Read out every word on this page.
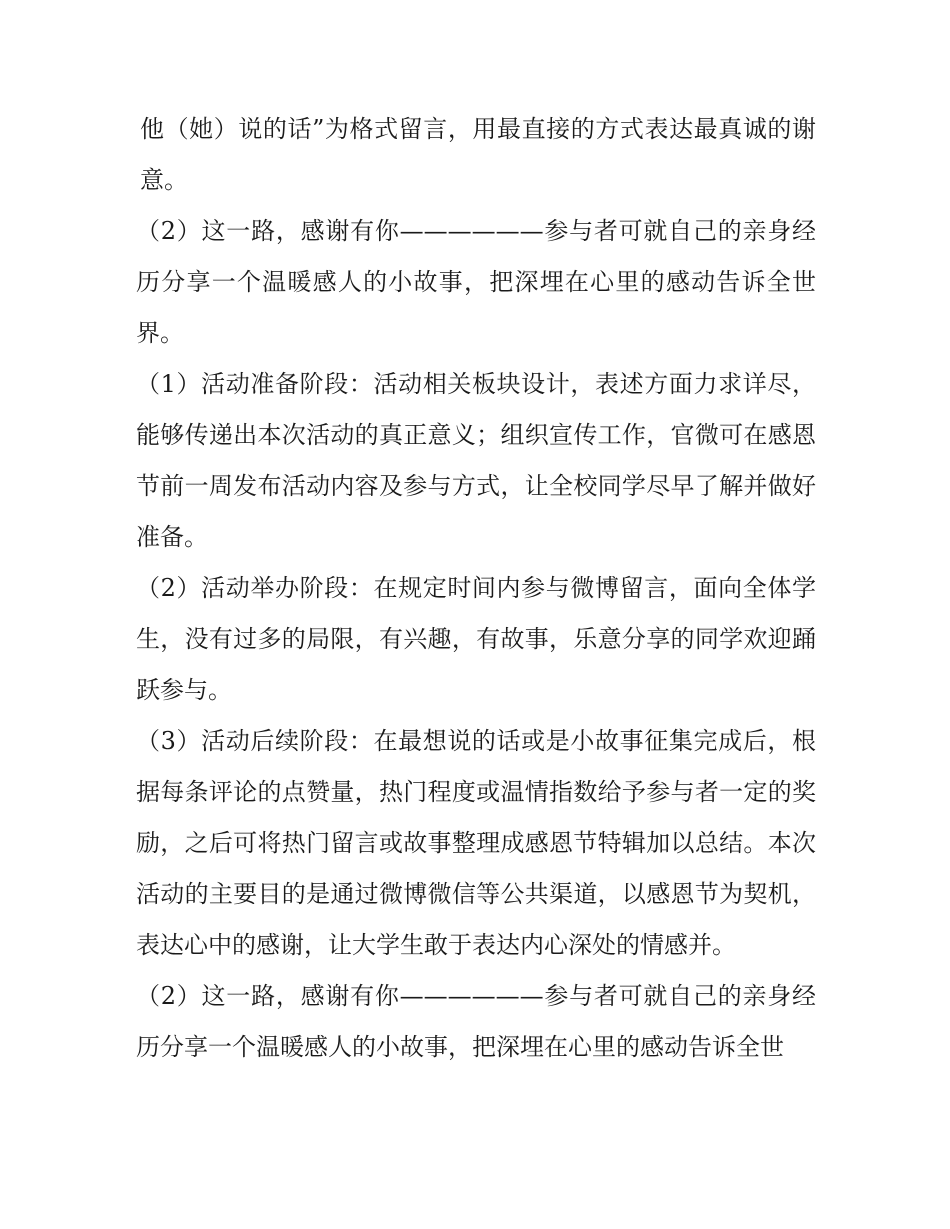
他（她）说的话”为格式留言，用最直接的方式表达最真诚的谢意。

（2）这一路，感谢有你——————参与者可就自己的亲身经历分享一个温暖感人的小故事，把深埋在心里的感动告诉全世界。

（1）活动准备阶段：活动相关板块设计，表述方面力求详尽，能够传递出本次活动的真正意义；组织宣传工作，官微可在感恩节前一周发布活动内容及参与方式，让全校同学尽早了解并做好准备。

（2）活动举办阶段：在规定时间内参与微博留言，面向全体学生，没有过多的局限，有兴趣，有故事，乐意分享的同学欢迎踊跃参与。

（3）活动后续阶段：在最想说的话或是小故事征集完成后，根据每条评论的点赞量，热门程度或温情指数给予参与者一定的奖励，之后可将热门留言或故事整理成感恩节特辑加以总结。本次活动的主要目的是通过微博微信等公共渠道，以感恩节为契机，表达心中的感谢，让大学生敢于表达内心深处的情感并。

（2）这一路，感谢有你——————参与者可就自己的亲身经历分享一个温暖感人的小故事，把深埋在心里的感动告诉全世
